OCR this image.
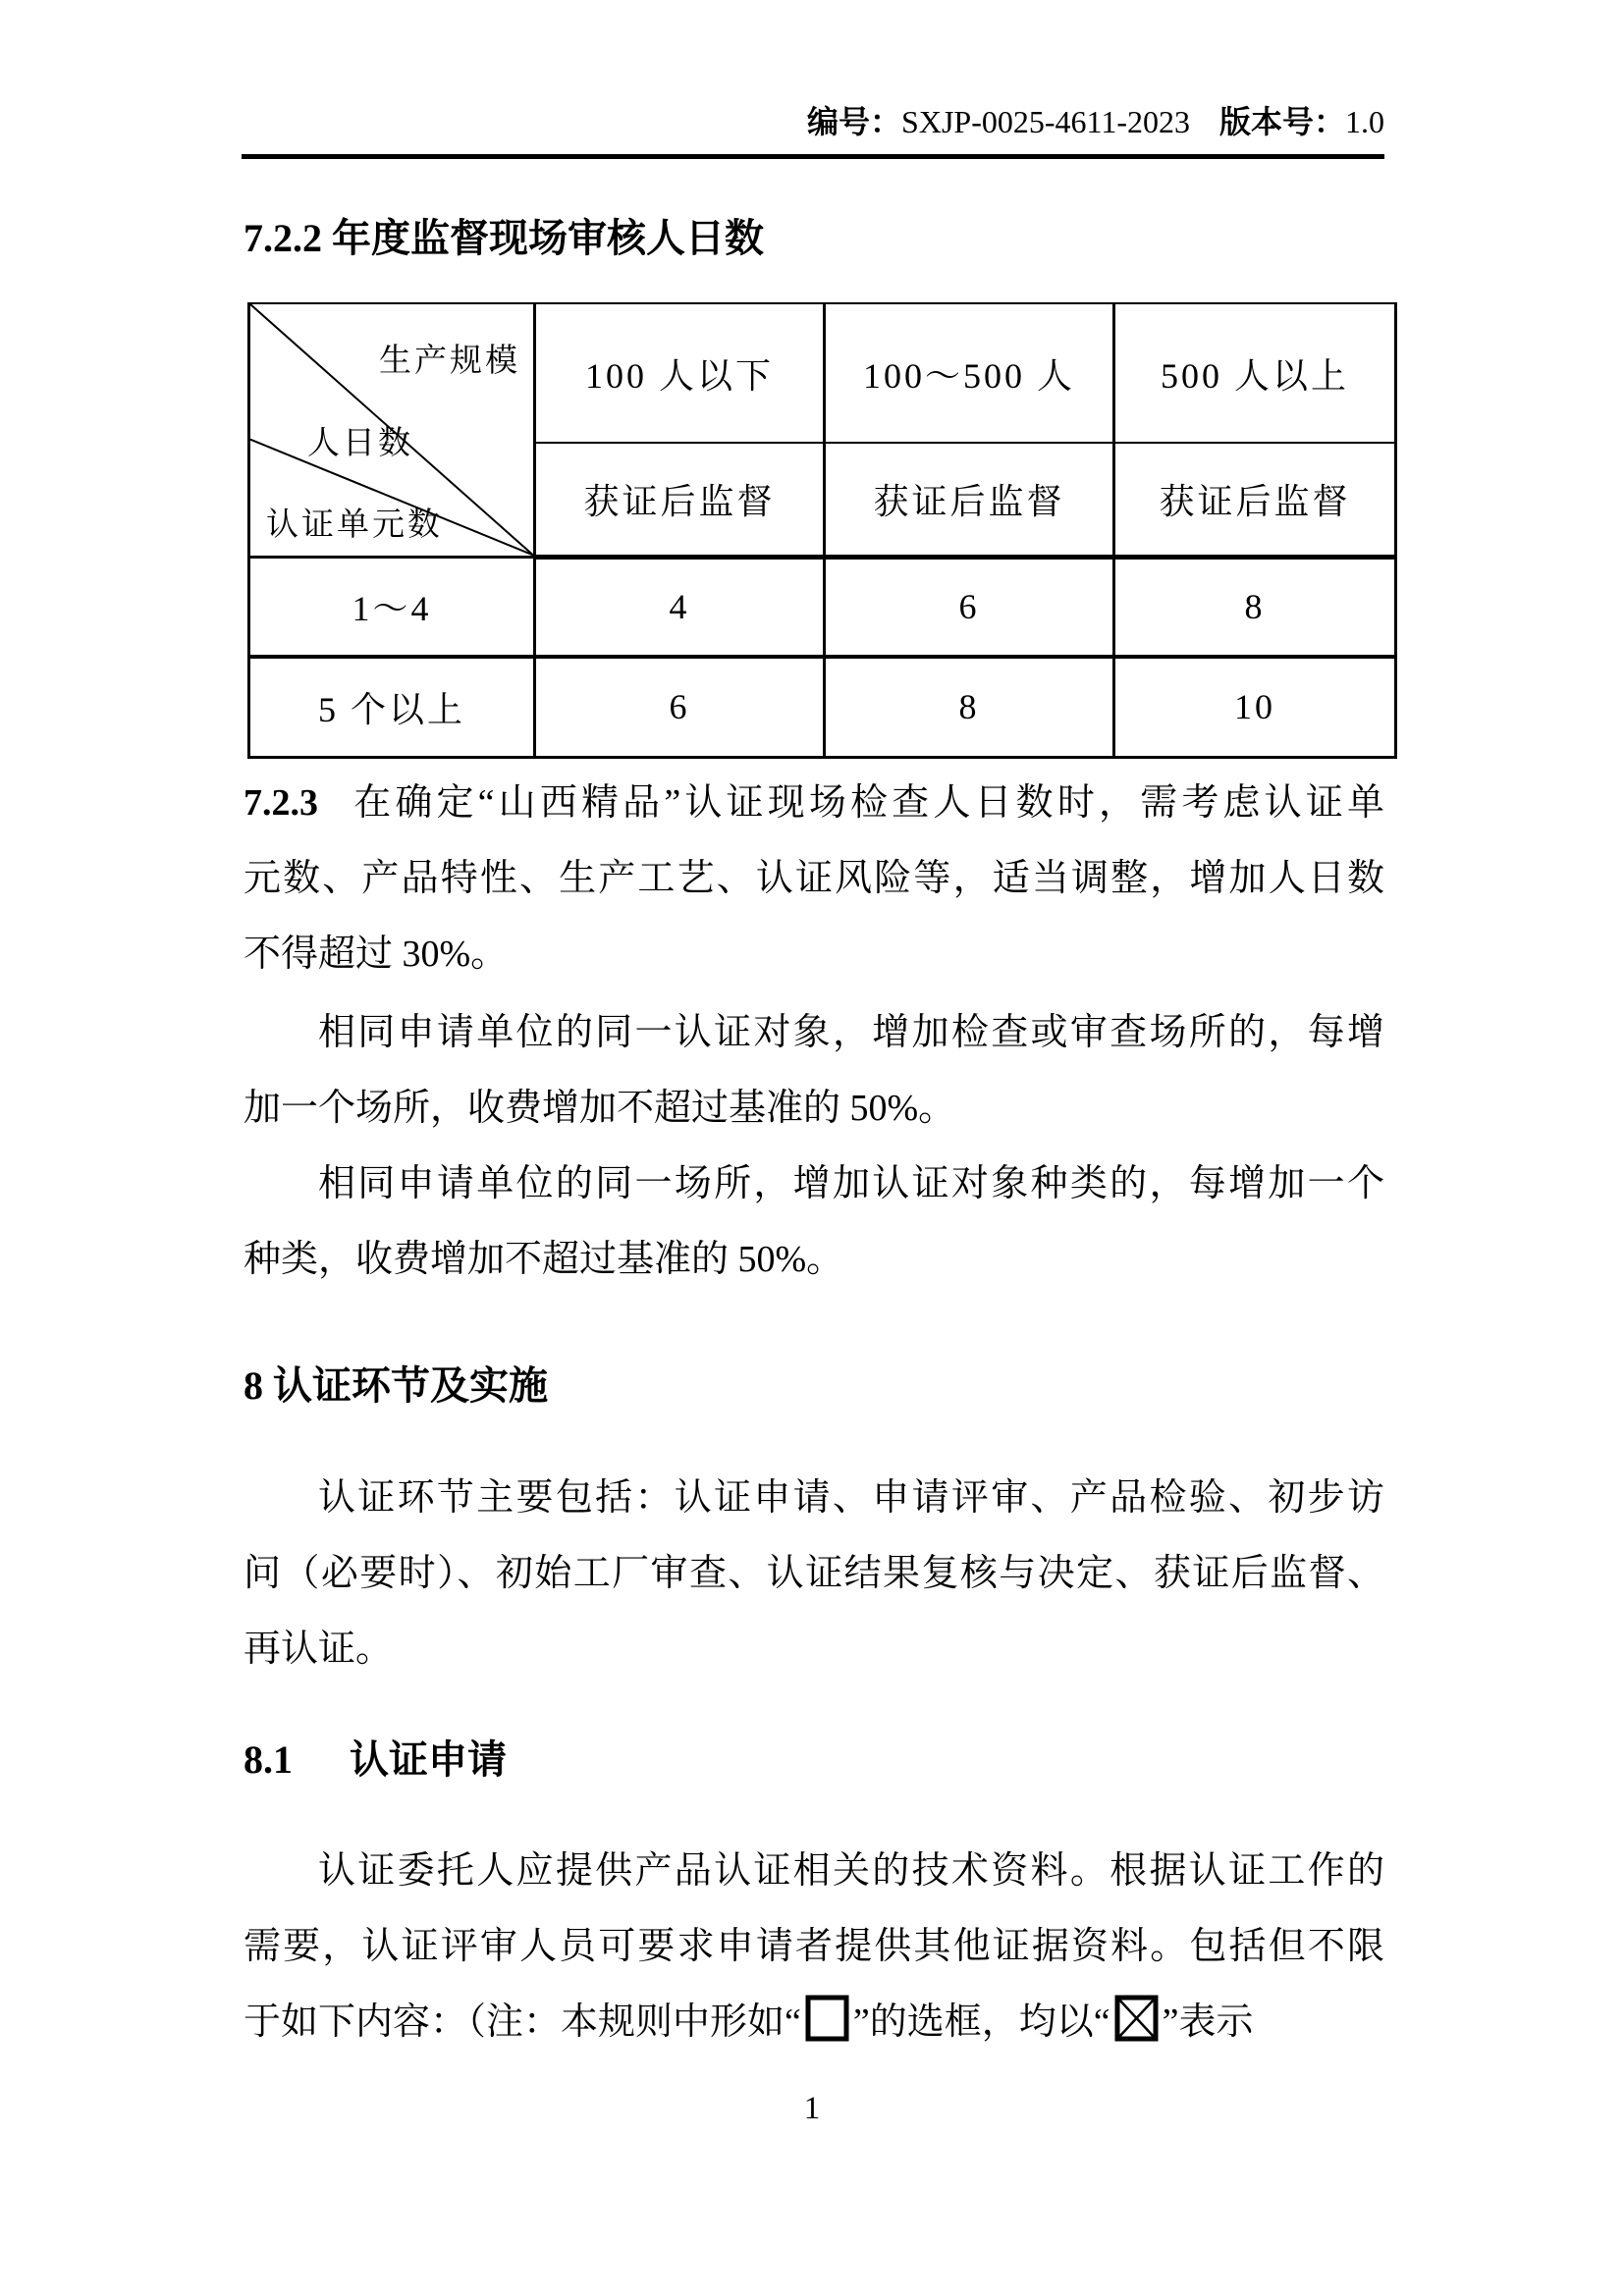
编号：SXJP-0025-4611-2023 版本号：1.0
7.2.2 年度监督现场审核人日数
生产规模
人日数
认证单元数	100 人以下	100～500 人	500 人以上
	获证后监督	获证后监督	获证后监督
1～4	4	6	8
5 个以上	6	8	10
7.2.3 在确定“山西精品”认证现场检查人日数时，需考虑认证单
元数、产品特性、生产工艺、认证风险等，适当调整，增加人日数
不得超过 30%。
相同申请单位的同一认证对象，增加检查或审查场所的，每增
加一个场所，收费增加不超过基准的 50%。
相同申请单位的同一场所，增加认证对象种类的，每增加一个
种类，收费增加不超过基准的 50%。
8 认证环节及实施
认证环节主要包括：认证申请、申请评审、产品检验、初步访
问（必要时）、初始工厂审查、认证结果复核与决定、获证后监督、
再认证。
8.1 认证申请
认证委托人应提供产品认证相关的技术资料。根据认证工作的
需要，认证评审人员可要求申请者提供其他证据资料。包括但不限
于如下内容：（注：本规则中形如“ ”的选框，均以“ ”表示
1
